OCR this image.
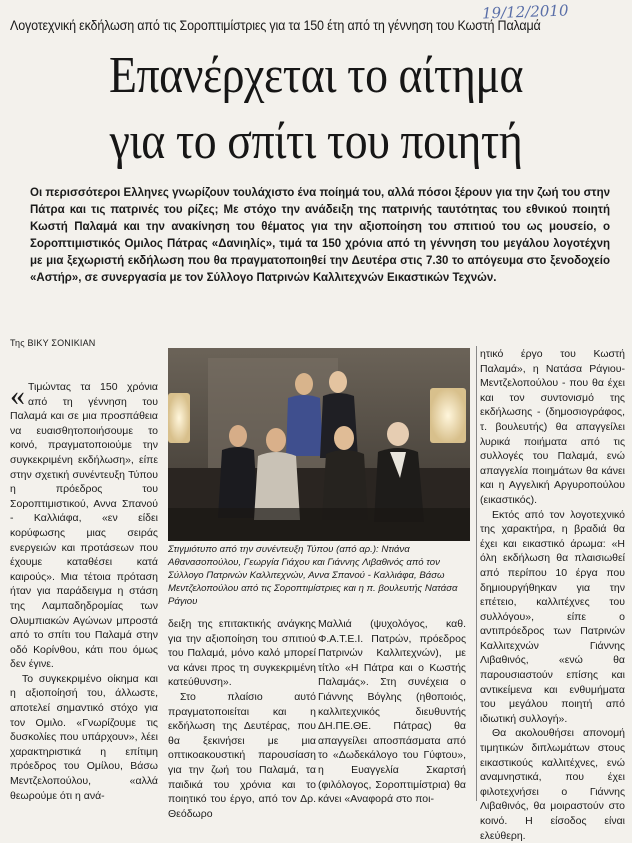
19/12/2010
Λογοτεχνική εκδήλωση από τις Σοροπτιμίστριες για τα 150 έτη από τη γέννηση του Κωστή Παλαμά
Επανέρχεται το αίτημα
για το σπίτι του ποιητή

Οι περισσότεροι Ελληνες γνωρίζουν τουλάχιστο ένα ποίημά του, αλλά πόσοι ξέρουν για την ζωή του στην Πάτρα και τις πατρινές του ρίζες; Με στόχο την ανάδειξη της πατρινής ταυτότητας του εθνικού ποιητή Κωστή Παλαμά και την ανακίνηση του θέματος για την αξιοποίηση του σπιτιού του ως μουσείο, ο Σοροπτιμιστικός Ομιλος Πάτρας «Δανιηλίς», τιμά τα 150 χρόνια από τη γέννηση του μεγάλου λογοτέχνη με μια ξεχωριστή εκδήλωση που θα πραγματοποιηθεί την Δευτέρα στις 7.30 το απόγευμα στο ξενοδοχείο «Αστήρ», σε συνεργασία με τον Σύλλογο Πατρινών Καλλιτεχνών Εικαστικών Τεχνών.

Της ΒΙΚΥ ΣΟΝΙΚΙΑΝ

« Τιμώντας τα 150 χρόνια από τη γέννηση του Παλαμά και σε μια προσπάθεια να ευαισθητοποιήσουμε το κοινό, πραγματοποιούμε την συγκεκριμένη εκδήλωση», είπε στην σχετική συνέντευξη Τύπου η πρόεδρος του Σοροπτιμιστικού, Αννα Σπανού - Καλλιάφα, «εν είδει κορύφωσης μιας σειράς ενεργειών και προτάσεων που έχουμε καταθέσει κατά καιρούς». Μια τέτοια πρόταση ήταν για παράδειγμα η στάση της Λαμπαδηδρομίας των Ολυμπιακών Αγώνων μπροστά από το σπίτι του Παλαμά στην οδό Κορίνθου, κάτι που όμως δεν έγινε.

Το συγκεκριμένο οίκημα και η αξιοποίησή του, άλλωστε, αποτελεί σημαντικό στόχο για τον Ομιλο. «Γνωρίζουμε τις δυσκολίες που υπάρχουν», λέει χαρακτηριστικά η επίτιμη πρόεδρος του Ομίλου, Βάσω Μεντζελοπούλου, «αλλά θεωρούμε ότι η ανά-

Στιγμιότυπο από την συνέντευξη Τύπου (από αρ.): Ντιάνα Αθανασοπούλου, Γεωργία Γιάχου και Γιάννης Λιβαθινός από τον Σύλλογο Πατρινών Καλλιτεχνών, Αννα Σπανού - Καλλιάφα, Βάσω Μεντζελοπούλου από τις Σοροπτιμίστριες και η π. βουλευτής Νατάσα Ράγιου

δειξη της επιτακτικής ανάγκης για την αξιοποίηση του σπιτιού του Παλαμά, μόνο καλό μπορεί να κάνει προς τη συγκεκριμένη κατεύθυνση».

Στο πλαίσιο αυτό πραγματοποιείται και η εκδήλωση της Δευτέρας, που θα ξεκινήσει με μια οπτικοακουστική παρουσίαση για την ζωή του Παλαμά, τα παιδικά του χρόνια και το ποιητικό του έργο, από τον Δρ. Θεόδωρο

Μαλλιά (ψυχολόγος, καθ. Φ.Α.Τ.Ε.Ι. Πατρών, πρόεδρος Πατρινών Καλλιτεχνών), με τίτλο «Η Πάτρα και ο Κωστής Παλαμάς». Στη συνέχεια ο Γιάννης Βόγλης (ηθοποιός, καλλιτεχνικός διευθυντής ΔΗ.ΠΕ.ΘΕ. Πάτρας) θα απαγγείλει αποσπάσματα από το «Δωδεκάλογο του Γύφτου», η Ευαγγελία Σκαρτσή (φιλόλογος, Σοροπτιμίστρια) θα κάνει «Αναφορά στο ποι-

ητικό έργο του Κωστή Παλαμά», η Νατάσα Ράγιου-Μεντζελοπούλου - που θα έχει και τον συντονισμό της εκδήλωσης - (δημοσιογράφος, τ. βουλευτής) θα απαγγείλει λυρικά ποιήματα από τις συλλογές του Παλαμά, ενώ απαγγελία ποιημάτων θα κάνει και η Αγγελική Αργυροπούλου (εικαστικός).

Εκτός από τον λογοτεχνικό της χαρακτήρα, η βραδιά θα έχει και εικαστικό άρωμα: «Η όλη εκδήλωση θα πλαισιωθεί από περίπου 10 έργα που δημιουργήθηκαν για την επέτειο, καλλιτέχνες του συλλόγου», είπε ο αντιπρόεδρος των Πατρινών Καλλιτεχνών Γιάννης Λιβαθινός, «ενώ θα παρουσιαστούν επίσης και αντικείμενα και ενθυμήματα του μεγάλου ποιητή από ιδιωτική συλλογή».

Θα ακολουθήσει απονομή τιμητικών διπλωμάτων στους εικαστικούς καλλιτέχνες, ενώ αναμνηστικά, που έχει φιλοτεχνήσει ο Γιάννης Λιβαθινός, θα μοιραστούν στο κοινό. Η είσοδος είναι ελεύθερη.
